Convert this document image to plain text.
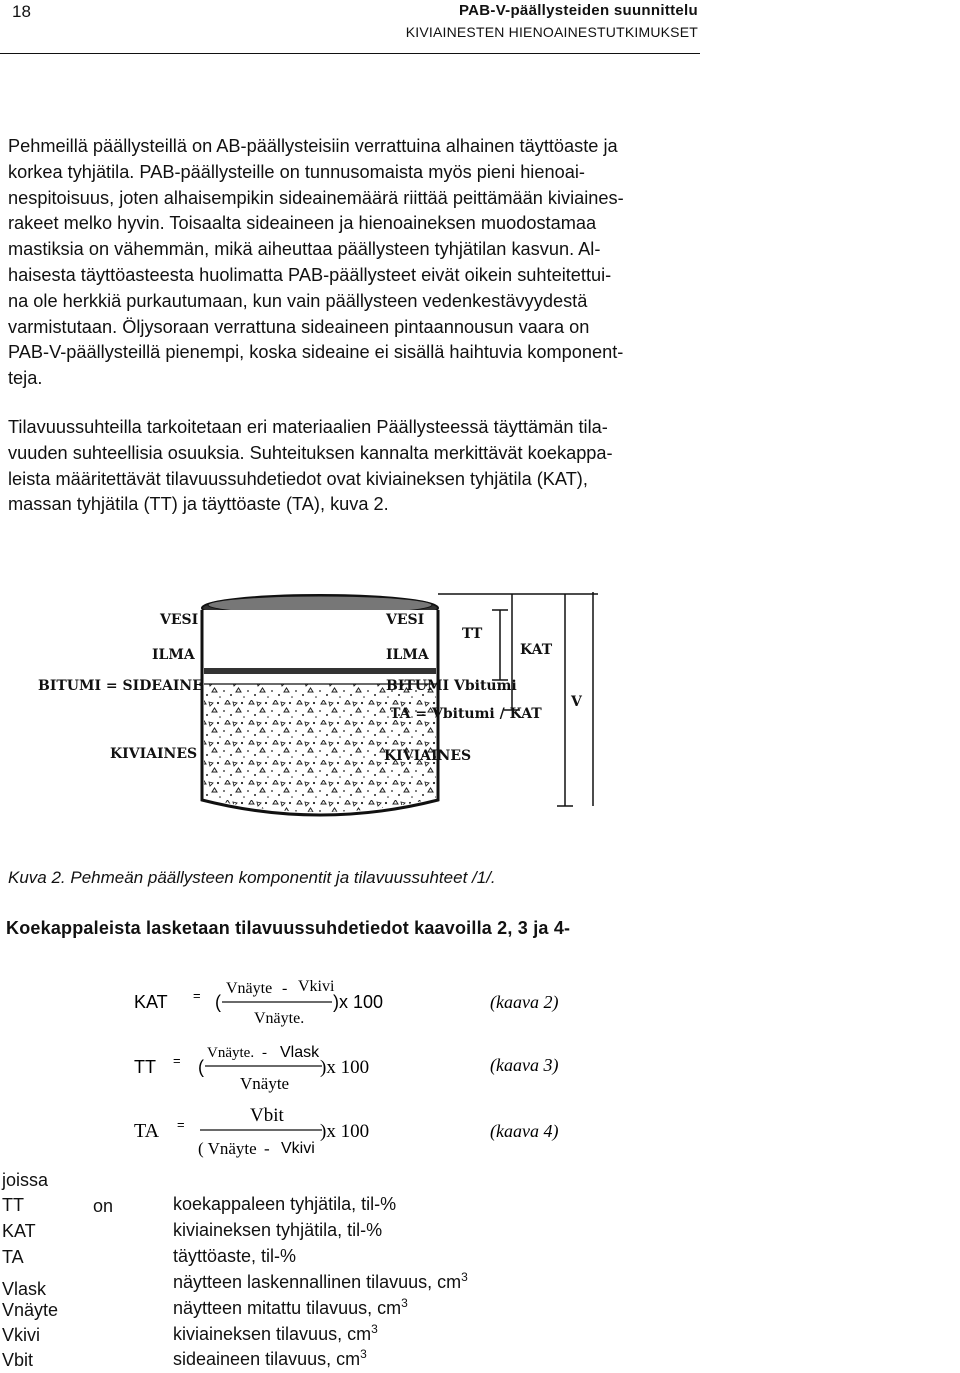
18	PAB-V-päällysteiden suunnittelu
KIVIAINESTEN HIENOAINESTUTKIMUKSET
Pehmeillä päällysteillä on AB-päällysteisiin verrattuina alhainen täyttöaste ja
korkea tyhjätila. PAB-päällysteille on tunnusomaista myös pieni hienoai-
nespitoisuus, joten alhaisempikin sideainemäärä riittää peittämään kiviaines-
rakeet melko hyvin. Toisaalta sideaineen ja hienoaineksen muodostamaa
mastiksia on vähemmän, mikä aiheuttaa päällysteen tyhjätilan kasvun. Al-
haisesta täyttöasteesta huolimatta PAB-päällysteet eivät oikein suhteitettui-
na ole herkkiä purkautumaan, kun vain päällysteen vedenkestävyydestä
varmistutaan. Öljysoraan verrattuna sideaineen pintaannousun vaara on
PAB-V-päällysteillä pienempi, koska sideaine ei sisällä haihtuvia komponent-
teja.
Tilavuussuhteilla tarkoitetaan eri materiaalien Päällysteessä täyttämän tila-
vuuden suhteellisia osuuksia. Suhteituksen kannalta merkittävät koekappa-
leista määritettävät tilavuussuhdetiedot ovat kiviaineksen tyhjätila (KAT),
massan tyhjätila (TT) ja täyttöaste (TA), kuva 2.
VESI
ILMA
BITUMI = SIDEAINE
KIVIAINES
VESI
ILMA
BITUMI Vbitumi
TA = Vbitumi / KAT
KIVIAINES
TT
KAT
V
Kuva 2. Pehmeän päällysteen komponentit ja tilavuussuhteet /1/.
Koekappaleista lasketaan tilavuussuhdetiedot kaavoilla 2, 3 ja 4-
KAT = (
Vnäyte - Vkivi
Vnäyte.
)x 100	(kaava 2)
TT = (
Vnäyte. - Vlask
Vnäyte
)x 100	(kaava 3)
TA =	Vbit
( Vnäyte - Vkivi
)x 100	(kaava 4)
joissa
on
TT	koekappaleen tyhjätila, til-%
KAT	kiviaineksen tyhjätila, til-%
TA	täyttöaste, til-%
Vlask	näytteen laskennallinen tilavuus, $cm^3$
Vnäyte	näytteen mitattu tilavuus, $cm^3$
Vkivi	kiviaineksen tilavuus, $cm^3$
Vbit	sideaineen tilavuus, $cm^3$
